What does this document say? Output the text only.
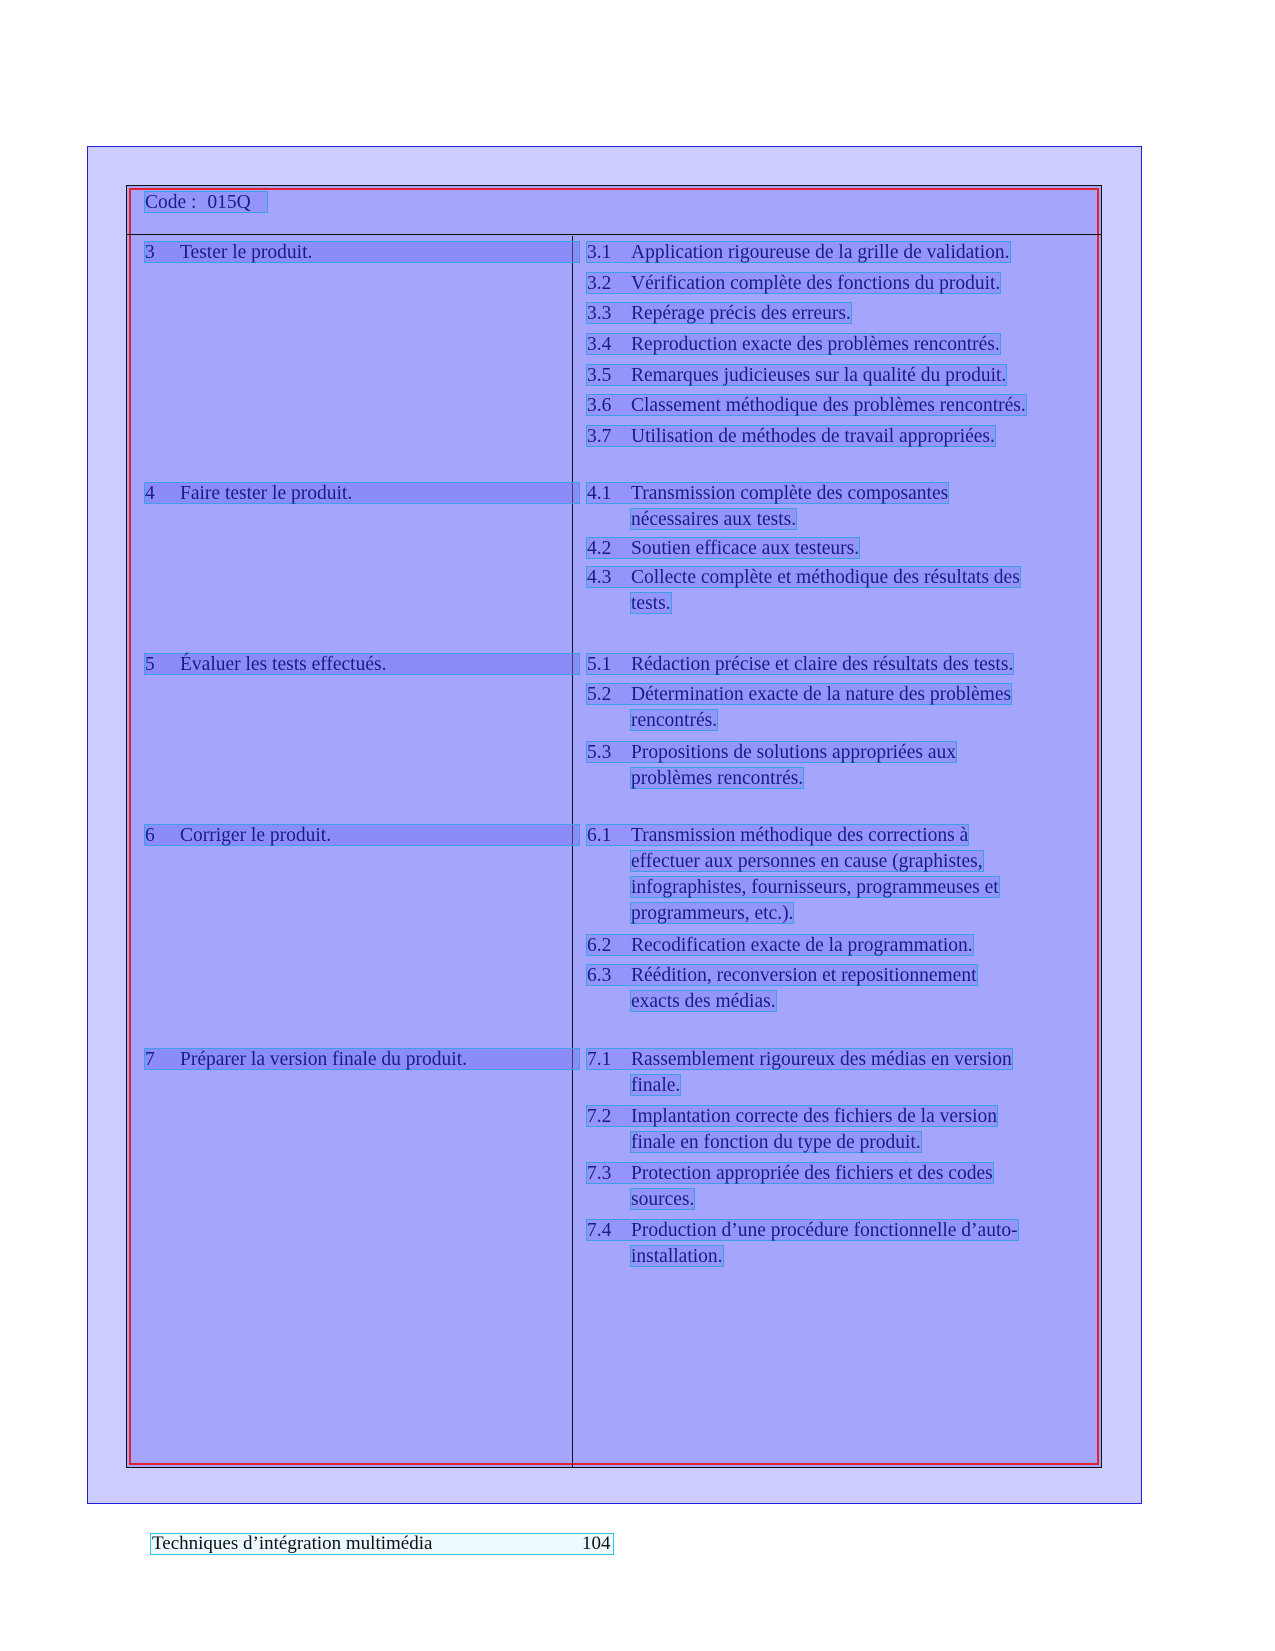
Code : 015Q
3 Tester le produit.	3.1 Application rigoureuse de la grille de validation.
3.2 Vérification complète des fonctions du produit.
3.3 Repérage précis des erreurs.
3.4 Reproduction exacte des problèmes rencontrés.
3.5 Remarques judicieuses sur la qualité du produit.
3.6 Classement méthodique des problèmes rencontrés.
3.7 Utilisation de méthodes de travail appropriées.
4 Faire tester le produit.	4.1 Transmission complète des composantes
nécessaires aux tests.
4.2 Soutien efficace aux testeurs.
4.3 Collecte complète et méthodique des résultats des
tests.
5 Évaluer les tests effectués.	5.1 Rédaction précise et claire des résultats des tests.
5.2 Détermination exacte de la nature des problèmes
rencontrés.
5.3 Propositions de solutions appropriées aux
problèmes rencontrés.
6 Corriger le produit.	6.1 Transmission méthodique des corrections à
effectuer aux personnes en cause (graphistes,
infographistes, fournisseurs, programmeuses et
programmeurs, etc.).
6.2 Recodification exacte de la programmation.
6.3 Réédition, reconversion et repositionnement
exacts des médias.
7 Préparer la version finale du produit.	7.1 Rassemblement rigoureux des médias en version
finale.
7.2 Implantation correcte des fichiers de la version
finale en fonction du type de produit.
7.3 Protection appropriée des fichiers et des codes
sources.
7.4 Production d’une procédure fonctionnelle d’auto-
installation.
Techniques d’intégration multimédia	104
